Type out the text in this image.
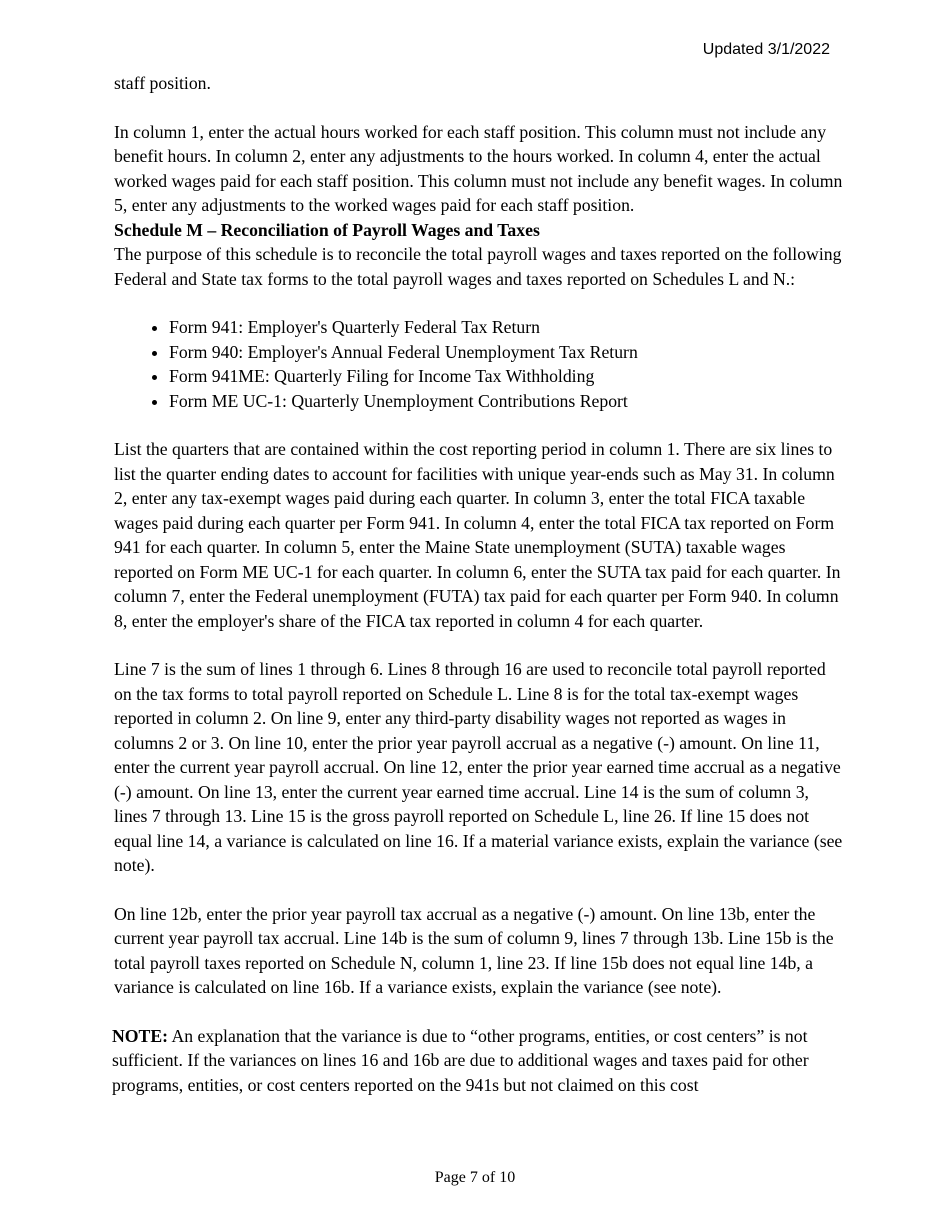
Updated 3/1/2022

staff position.

In column 1, enter the actual hours worked for each staff position. This column must not include any benefit hours. In column 2, enter any adjustments to the hours worked. In column 4, enter the actual worked wages paid for each staff position. This column must not include any benefit wages. In column 5, enter any adjustments to the worked wages paid for each staff position.

Schedule M – Reconciliation of Payroll Wages and Taxes

The purpose of this schedule is to reconcile the total payroll wages and taxes reported on the following Federal and State tax forms to the total payroll wages and taxes reported on Schedules L and N.:

• Form 941: Employer's Quarterly Federal Tax Return
• Form 940: Employer's Annual Federal Unemployment Tax Return
• Form 941ME: Quarterly Filing for Income Tax Withholding
• Form ME UC-1: Quarterly Unemployment Contributions Report

List the quarters that are contained within the cost reporting period in column 1. There are six lines to list the quarter ending dates to account for facilities with unique year-ends such as May 31. In column 2, enter any tax-exempt wages paid during each quarter. In column 3, enter the total FICA taxable wages paid during each quarter per Form 941. In column 4, enter the total FICA tax reported on Form 941 for each quarter. In column 5, enter the Maine State unemployment (SUTA) taxable wages reported on Form ME UC-1 for each quarter. In column 6, enter the SUTA tax paid for each quarter. In column 7, enter the Federal unemployment (FUTA) tax paid for each quarter per Form 940. In column 8, enter the employer's share of the FICA tax reported in column 4 for each quarter.

Line 7 is the sum of lines 1 through 6. Lines 8 through 16 are used to reconcile total payroll reported on the tax forms to total payroll reported on Schedule L. Line 8 is for the total tax-exempt wages reported in column 2. On line 9, enter any third-party disability wages not reported as wages in columns 2 or 3. On line 10, enter the prior year payroll accrual as a negative (-) amount. On line 11, enter the current year payroll accrual. On line 12, enter the prior year earned time accrual as a negative (-) amount. On line 13, enter the current year earned time accrual. Line 14 is the sum of column 3, lines 7 through 13. Line 15 is the gross payroll reported on Schedule L, line 26. If line 15 does not equal line 14, a variance is calculated on line 16. If a material variance exists, explain the variance (see note).

On line 12b, enter the prior year payroll tax accrual as a negative (-) amount. On line 13b, enter the current year payroll tax accrual. Line 14b is the sum of column 9, lines 7 through 13b. Line 15b is the total payroll taxes reported on Schedule N, column 1, line 23. If line 15b does not equal line 14b, a variance is calculated on line 16b. If a variance exists, explain the variance (see note).

NOTE: An explanation that the variance is due to “other programs, entities, or cost centers” is not sufficient. If the variances on lines 16 and 16b are due to additional wages and taxes paid for other programs, entities, or cost centers reported on the 941s but not claimed on this cost

Page 7 of 10
